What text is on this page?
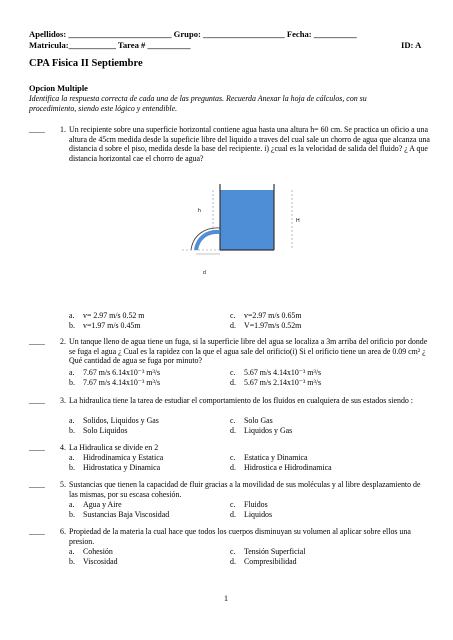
Apellidos: ________________________ Grupo: ___________________ Fecha: __________
Matricula:___________ Tarea # __________	ID: A
CPA Fisica II Septiembre
Opcion Multiple
Identifica la respuesta correcta de cada una de las preguntas. Recuerda Anexar la hoja de cálculos, con su
procedimiento, siendo este lógico y entendible.
____ 1. Un recipiente sobre una superficie horizontal contiene agua hasta una altura h= 60 cm. Se practica un oficio a una altura de 45cm medida desde la supeficie libre del liquido a traves del cual sale un chorro de agua que alcanza una distancia d sobre el piso, medida desde la base del recipiente. i) ¿cual es la velocidad de salida del fluido? ¿ A que distancia horizontal cae el chorro de agua?
h
H
d
a. v= 2.97 m/s 0.52 m
b. v=1.97 m/s 0.45m
c. v=2.97 m/s 0.65m
d. V=1.97m/s 0.52m
____ 2. Un tanque lleno de agua tiene un fuga, si la superficie libre del agua se localiza a 3m arriba del orificio por donde se fuga el agua ¿ Cual es la rapidez con la que el agua sale del orificio(i) Si el orificio tiene un area de 0.09 cm² ¿ Qué cantidad de agua se fuga por minuto?
a. 7.67 m/s 6.14x10⁻³ m³/s
b. 7.67 m/s 4.14x10⁻³ m³/s
c. 5.67 m/s 4.14x10⁻³ m³/s
d. 5.67 m/s 2.14x10⁻³ m³/s
____ 3. La hidraulica tiene la tarea de estudiar el comportamiento de los fluidos en cualquiera de sus estados siendo :
a. Solidos, Liquidos y Gas
b. Solo Liquidos
c. Solo Gas
d. Liquidos y Gas
____ 4. La Hidraulica se divide en 2
a. Hidrodinamica y Estatica
b. Hidrostatica y Dinamica
c. Estatica y Dinamica
d. Hidrostica e Hidrodinamica
____ 5. Sustancias que tienen la capacidad de fluir gracias a la movilidad de sus moléculas y al libre desplazamiento de las mismas, por su escasa cohesión.
a. Agua y Aire
b. Sustancias Baja Viscosidad
c. Fluidos
d. Liquidos
____ 6. Propiedad de la materia la cual hace que todos los cuerpos disminuyan su volumen al aplicar sobre ellos una presion.
a. Cohesión
b. Viscosidad
c. Tensión Superficial
d. Compresibilidad
1
